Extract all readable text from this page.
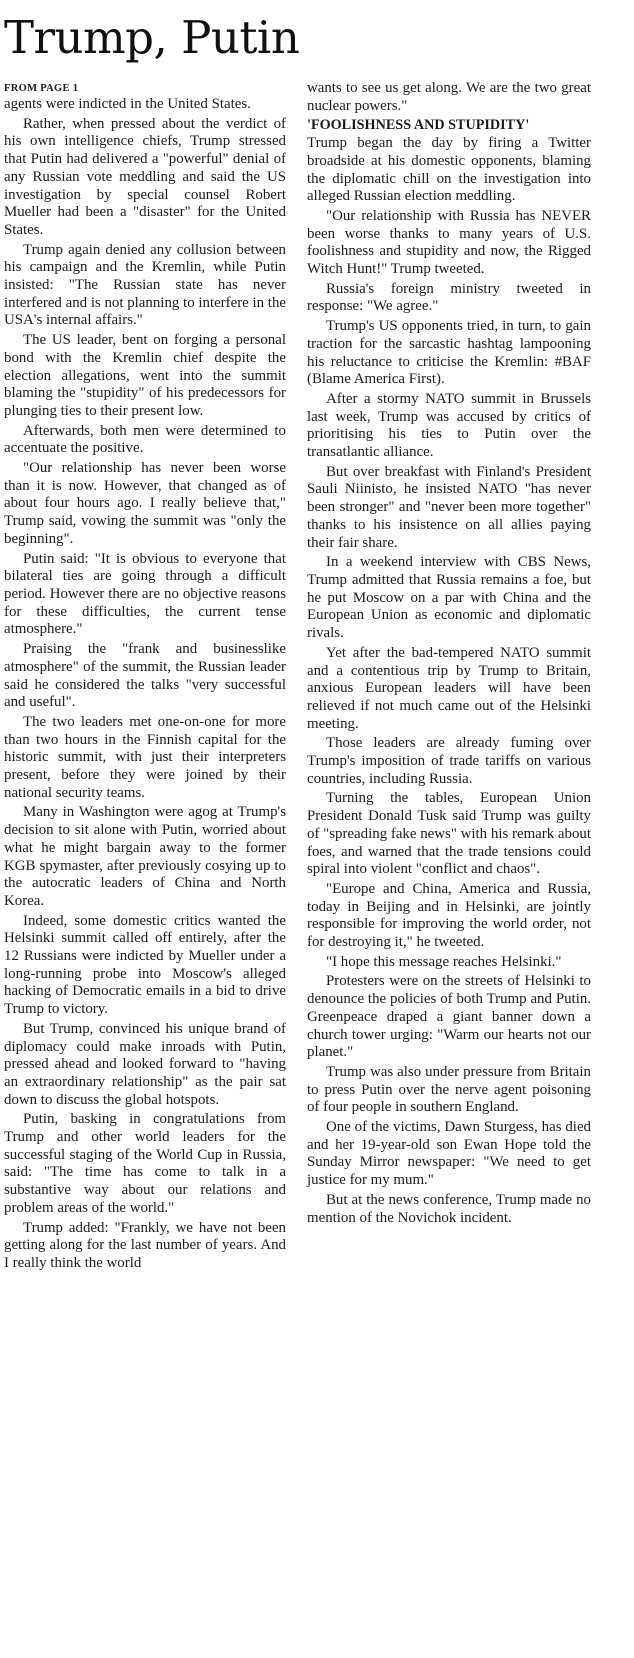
Trump, Putin
FROM PAGE 1

agents were indicted in the United States.

Rather, when pressed about the verdict of his own intelligence chiefs, Trump stressed that Putin had delivered a "powerful" denial of any Russian vote meddling and said the US investigation by special counsel Robert Mueller had been a "disaster" for the United States.

Trump again denied any collusion between his campaign and the Kremlin, while Putin insisted: "The Russian state has never interfered and is not planning to interfere in the USA's internal affairs."

The US leader, bent on forging a personal bond with the Kremlin chief despite the election allegations, went into the summit blaming the "stupidity" of his predecessors for plunging ties to their present low.

Afterwards, both men were determined to accentuate the positive.

"Our relationship has never been worse than it is now. However, that changed as of about four hours ago. I really believe that," Trump said, vowing the summit was "only the beginning".

Putin said: "It is obvious to everyone that bilateral ties are going through a difficult period. However there are no objective reasons for these difficulties, the current tense atmosphere."

Praising the "frank and businesslike atmosphere" of the summit, the Russian leader said he considered the talks "very successful and useful".

The two leaders met one-on-one for more than two hours in the Finnish capital for the historic summit, with just their interpreters present, before they were joined by their national security teams.

Many in Washington were agog at Trump's decision to sit alone with Putin, worried about what he might bargain away to the former KGB spymaster, after previously cosying up to the autocratic leaders of China and North Korea.

Indeed, some domestic critics wanted the Helsinki summit called off entirely, after the 12 Russians were indicted by Mueller under a long-running probe into Moscow's alleged hacking of Democratic emails in a bid to drive Trump to victory.

But Trump, convinced his unique brand of diplomacy could make inroads with Putin, pressed ahead and looked forward to "having an extraordinary relationship" as the pair sat down to discuss the global hotspots.

Putin, basking in congratulations from Trump and other world leaders for the successful staging of the World Cup in Russia, said: "The time has come to talk in a substantive way about our relations and problem areas of the world."

Trump added: "Frankly, we have not been getting along for the last number of years. And I really think the world

wants to see us get along. We are the two great nuclear powers."

'FOOLISHNESS AND STUPIDITY'

Trump began the day by firing a Twitter broadside at his domestic opponents, blaming the diplomatic chill on the investigation into alleged Russian election meddling.

"Our relationship with Russia has NEVER been worse thanks to many years of U.S. foolishness and stupidity and now, the Rigged Witch Hunt!" Trump tweeted.

Russia's foreign ministry tweeted in response: "We agree."

Trump's US opponents tried, in turn, to gain traction for the sarcastic hashtag lampooning his reluctance to criticise the Kremlin: #BAF (Blame America First).

After a stormy NATO summit in Brussels last week, Trump was accused by critics of prioritising his ties to Putin over the transatlantic alliance.

But over breakfast with Finland's President Sauli Niinisto, he insisted NATO "has never been stronger" and "never been more together" thanks to his insistence on all allies paying their fair share.

In a weekend interview with CBS News, Trump admitted that Russia remains a foe, but he put Moscow on a par with China and the European Union as economic and diplomatic rivals.

Yet after the bad-tempered NATO summit and a contentious trip by Trump to Britain, anxious European leaders will have been relieved if not much came out of the Helsinki meeting.

Those leaders are already fuming over Trump's imposition of trade tariffs on various countries, including Russia.

Turning the tables, European Union President Donald Tusk said Trump was guilty of "spreading fake news" with his remark about foes, and warned that the trade tensions could spiral into violent "conflict and chaos".

"Europe and China, America and Russia, today in Beijing and in Helsinki, are jointly responsible for improving the world order, not for destroying it," he tweeted.

"I hope this message reaches Helsinki."

Protesters were on the streets of Helsinki to denounce the policies of both Trump and Putin. Greenpeace draped a giant banner down a church tower urging: "Warm our hearts not our planet."

Trump was also under pressure from Britain to press Putin over the nerve agent poisoning of four people in southern England.

One of the victims, Dawn Sturgess, has died and her 19-year-old son Ewan Hope told the Sunday Mirror newspaper: "We need to get justice for my mum."

But at the news conference, Trump made no mention of the Novichok incident.
